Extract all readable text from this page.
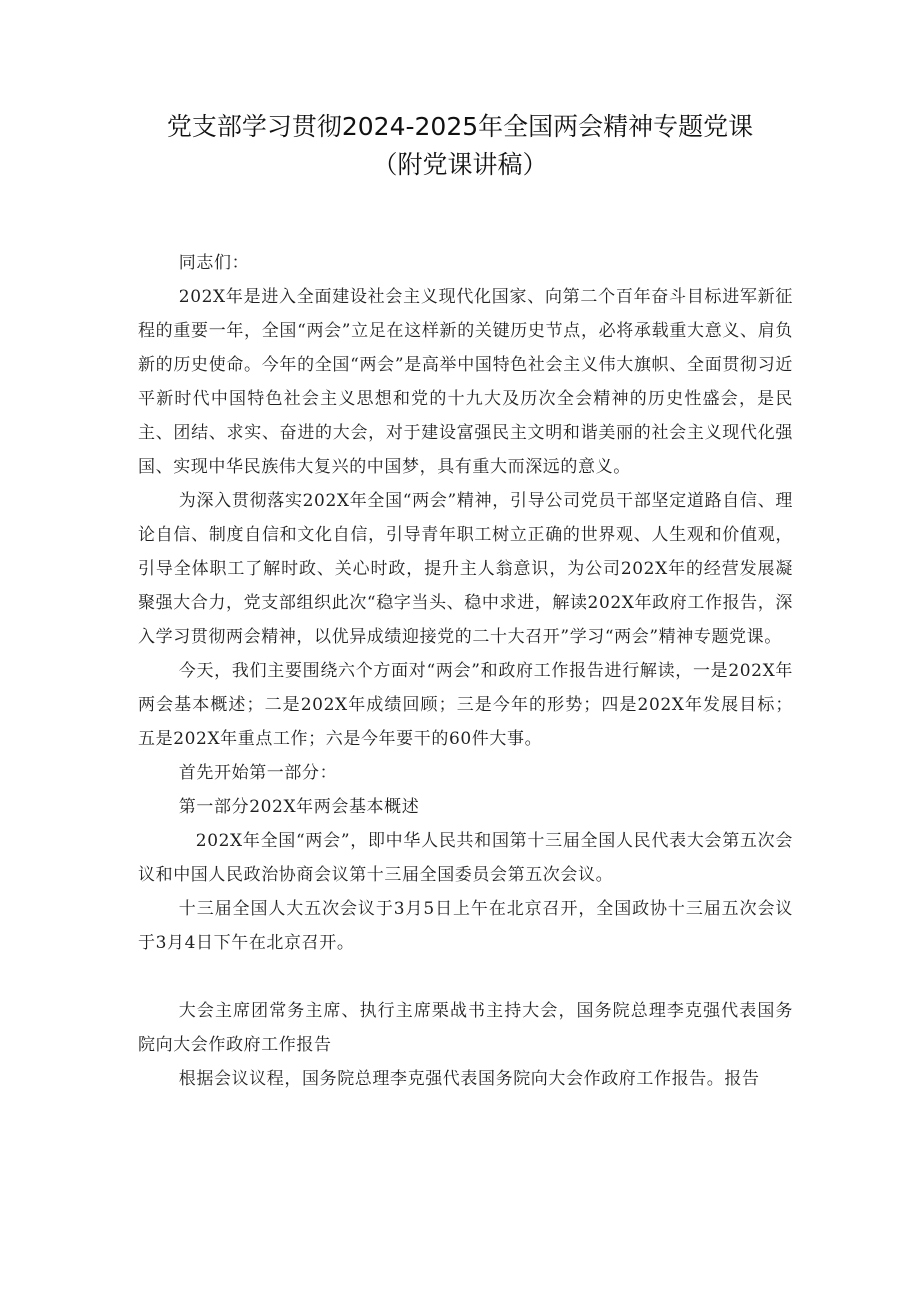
党支部学习贯彻2024-2025年全国两会精神专题党课
（附党课讲稿）

同志们：

202X年是进入全面建设社会主义现代化国家、向第二个百年奋斗目标进军新征程的重要一年，全国“两会”立足在这样新的关键历史节点，必将承载重大意义、肩负新的历史使命。今年的全国“两会”是高举中国特色社会主义伟大旗帜、全面贯彻习近平新时代中国特色社会主义思想和党的十九大及历次全会精神的历史性盛会，是民主、团结、求实、奋进的大会，对于建设富强民主文明和谐美丽的社会主义现代化强国、实现中华民族伟大复兴的中国梦，具有重大而深远的意义。

为深入贯彻落实202X年全国“两会”精神，引导公司党员干部坚定道路自信、理论自信、制度自信和文化自信，引导青年职工树立正确的世界观、人生观和价值观，引导全体职工了解时政、关心时政，提升主人翁意识，为公司202X年的经营发展凝聚强大合力，党支部组织此次“稳字当头、稳中求进，解读202X年政府工作报告，深入学习贯彻两会精神，以优异成绩迎接党的二十大召开”学习“两会”精神专题党课。

今天，我们主要围绕六个方面对“两会”和政府工作报告进行解读，一是202X年两会基本概述；二是202X年成绩回顾；三是今年的形势；四是202X年发展目标；五是202X年重点工作；六是今年要干的60件大事。

首先开始第一部分：

第一部分202X年两会基本概述

202X年全国“两会”，即中华人民共和国第十三届全国人民代表大会第五次会议和中国人民政治协商会议第十三届全国委员会第五次会议。

十三届全国人大五次会议于3月5日上午在北京召开，全国政协十三届五次会议于3月4日下午在北京召开。

大会主席团常务主席、执行主席栗战书主持大会，国务院总理李克强代表国务院向大会作政府工作报告

根据会议议程，国务院总理李克强代表国务院向大会作政府工作报告。报告
